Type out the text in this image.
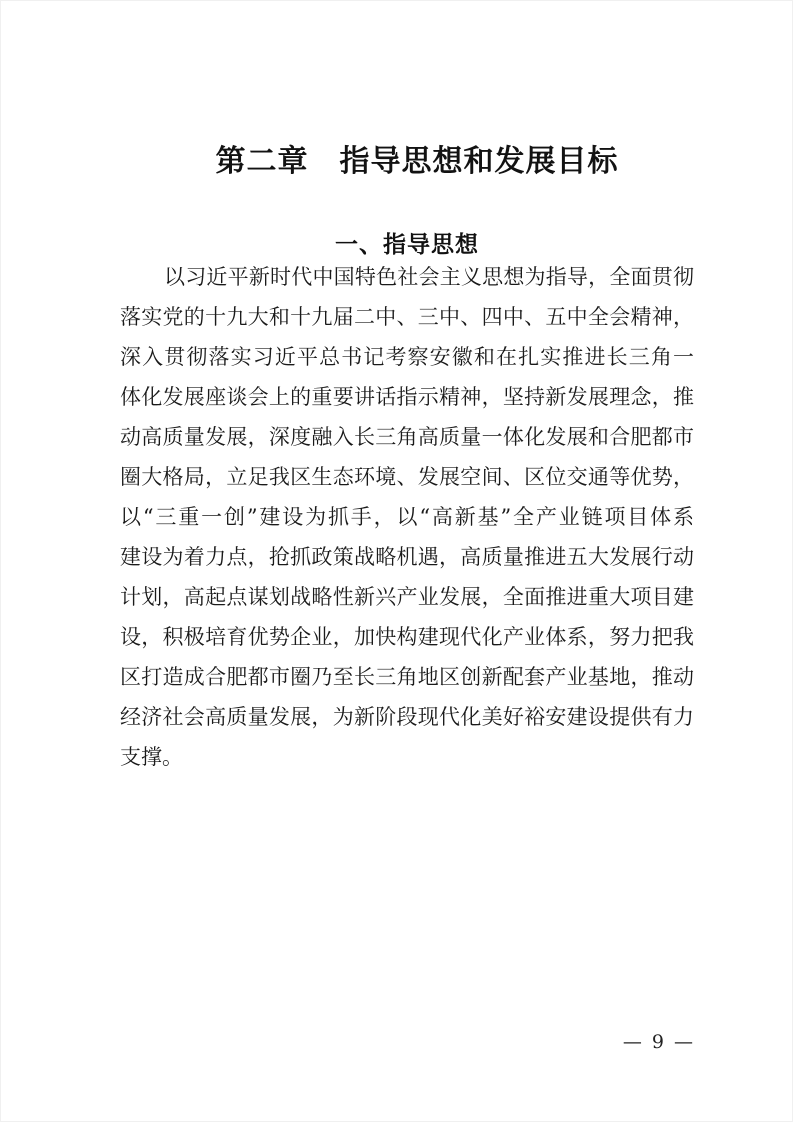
第二章　指导思想和发展目标
一、指导思想
以习近平新时代中国特色社会主义思想为指导，全面贯彻
落实党的十九大和十九届二中、三中、四中、五中全会精神，
深入贯彻落实习近平总书记考察安徽和在扎实推进长三角一
体化发展座谈会上的重要讲话指示精神，坚持新发展理念，推
动高质量发展，深度融入长三角高质量一体化发展和合肥都市
圈大格局，立足我区生态环境、发展空间、区位交通等优势，
以“三重一创”建设为抓手，以“高新基”全产业链项目体系
建设为着力点，抢抓政策战略机遇，高质量推进五大发展行动
计划，高起点谋划战略性新兴产业发展，全面推进重大项目建
设，积极培育优势企业，加快构建现代化产业体系，努力把我
区打造成合肥都市圈乃至长三角地区创新配套产业基地，推动
经济社会高质量发展，为新阶段现代化美好裕安建设提供有力
支撑。
— 9 —
